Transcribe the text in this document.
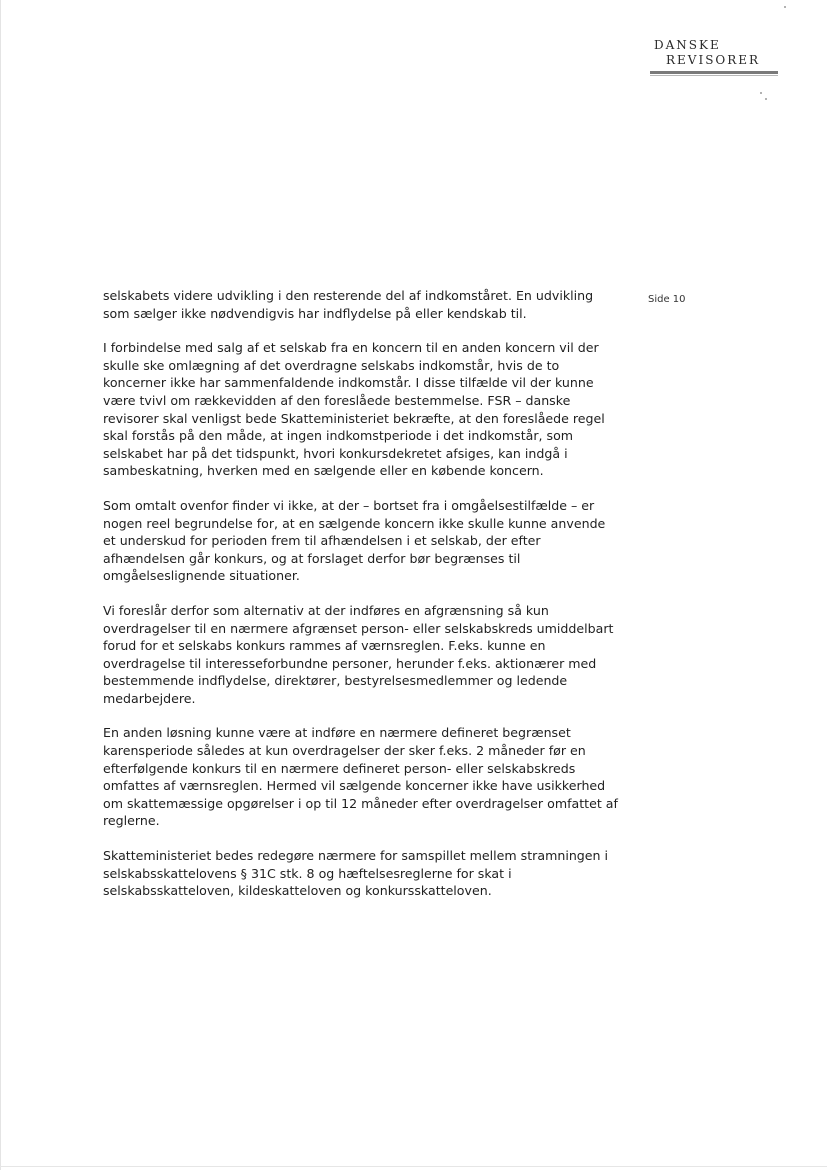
DANSKE
REVISORER
Side 10

selskabets videre udvikling i den resterende del af indkomståret. En udvikling
som sælger ikke nødvendigvis har indflydelse på eller kendskab til.

I forbindelse med salg af et selskab fra en koncern til en anden koncern vil der
skulle ske omlægning af det overdragne selskabs indkomstår, hvis de to
koncerner ikke har sammenfaldende indkomstår. I disse tilfælde vil der kunne
være tvivl om rækkevidden af den foreslåede bestemmelse. FSR – danske
revisorer skal venligst bede Skatteministeriet bekræfte, at den foreslåede regel
skal forstås på den måde, at ingen indkomstperiode i det indkomstår, som
selskabet har på det tidspunkt, hvori konkursdekretet afsiges, kan indgå i
sambeskatning, hverken med en sælgende eller en købende koncern.

Som omtalt ovenfor finder vi ikke, at der – bortset fra i omgåelsestilfælde – er
nogen reel begrundelse for, at en sælgende koncern ikke skulle kunne anvende
et underskud for perioden frem til afhændelsen i et selskab, der efter
afhændelsen går konkurs, og at forslaget derfor bør begrænses til
omgåelseslignende situationer.

Vi foreslår derfor som alternativ at der indføres en afgrænsning så kun
overdragelser til en nærmere afgrænset person- eller selskabskreds umiddelbart
forud for et selskabs konkurs rammes af værnsreglen. F.eks. kunne en
overdragelse til interesseforbundne personer, herunder f.eks. aktionærer med
bestemmende indflydelse, direktører, bestyrelsesmedlemmer og ledende
medarbejdere.

En anden løsning kunne være at indføre en nærmere defineret begrænset
karensperiode således at kun overdragelser der sker f.eks. 2 måneder før en
efterfølgende konkurs til en nærmere defineret person- eller selskabskreds
omfattes af værnsreglen. Hermed vil sælgende koncerner ikke have usikkerhed
om skattemæssige opgørelser i op til 12 måneder efter overdragelser omfattet af
reglerne.

Skatteministeriet bedes redegøre nærmere for samspillet mellem stramningen i
selskabsskattelovens § 31C stk. 8 og hæftelsesreglerne for skat i
selskabsskatteloven, kildeskatteloven og konkursskatteloven.
